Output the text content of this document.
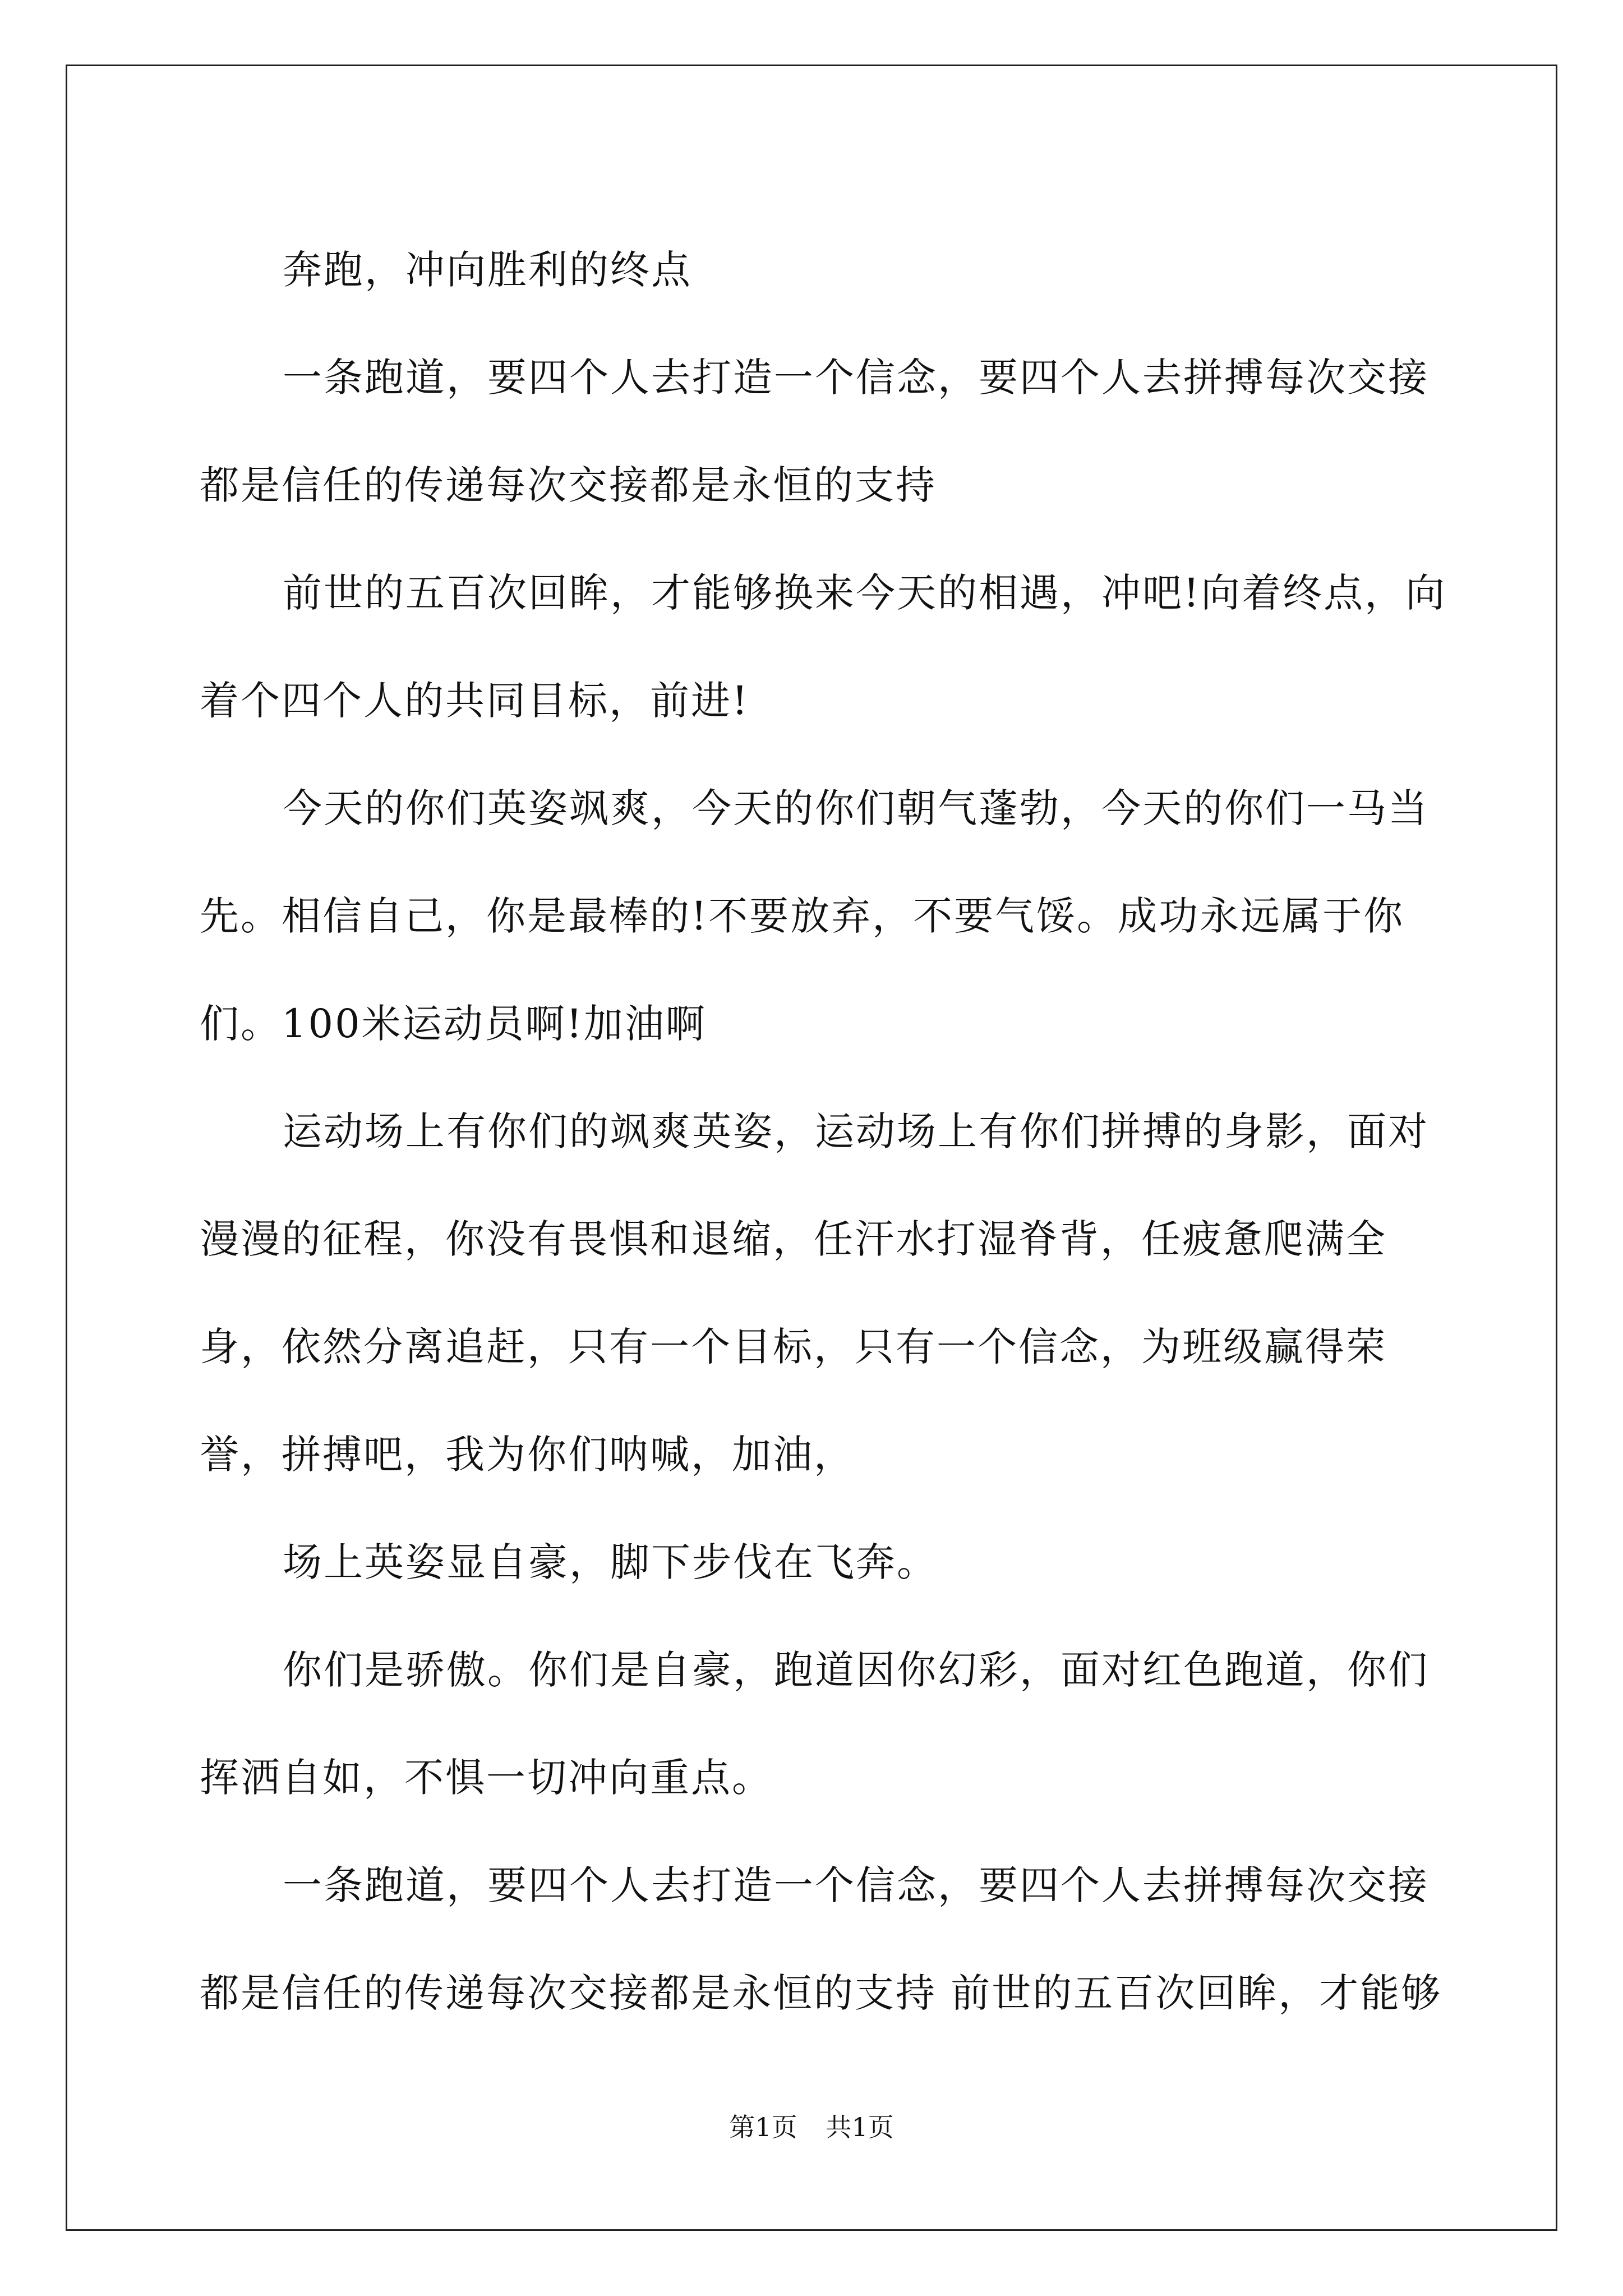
奔跑，冲向胜利的终点

一条跑道，要四个人去打造一个信念，要四个人去拼搏每次交接都是信任的传递每次交接都是永恒的支持

前世的五百次回眸，才能够换来今天的相遇，冲吧!向着终点，向着个四个人的共同目标，前进!

今天的你们英姿飒爽，今天的你们朝气蓬勃，今天的你们一马当先。相信自己，你是最棒的!不要放弃，不要气馁。成功永远属于你们。100米运动员啊!加油啊

运动场上有你们的飒爽英姿，运动场上有你们拼搏的身影，面对漫漫的征程，你没有畏惧和退缩，任汗水打湿脊背，任疲惫爬满全身，依然分离追赶，只有一个目标，只有一个信念，为班级赢得荣誉，拼搏吧，我为你们呐喊，加油，

场上英姿显自豪，脚下步伐在飞奔。

你们是骄傲。你们是自豪，跑道因你幻彩，面对红色跑道，你们挥洒自如，不惧一切冲向重点。

一条跑道，要四个人去打造一个信念，要四个人去拼搏每次交接都是信任的传递每次交接都是永恒的支持 前世的五百次回眸，才能够

第1页 共1页
